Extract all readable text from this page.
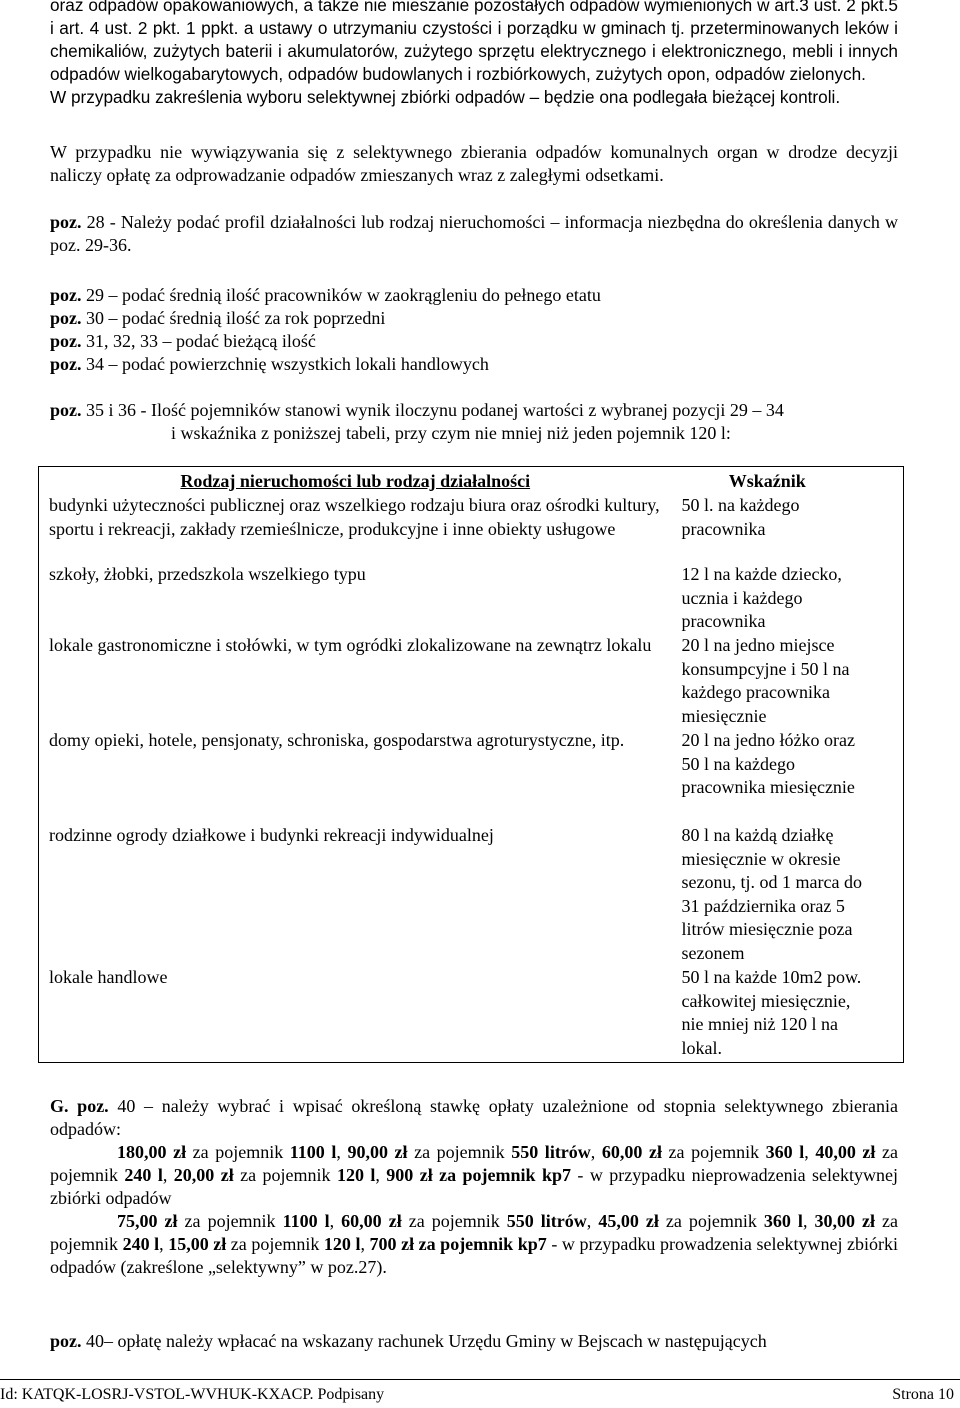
oraz odpadów opakowaniowych, a także nie mieszanie pozostałych odpadów wymienionych w art.3 ust. 2 pkt.5 i art. 4 ust. 2 pkt. 1 ppkt. a ustawy o utrzymaniu czystości i porządku w gminach tj. przeterminowanych leków i chemikaliów, zużytych baterii i akumulatorów, zużytego sprzętu elektrycznego i elektronicznego, mebli i innych odpadów wielkogabarytowych, odpadów budowlanych i rozbiórkowych, zużytych opon, odpadów zielonych.

W przypadku zakreślenia wyboru selektywnej zbiórki odpadów – będzie ona podlegała bieżącej kontroli.

W przypadku nie wywiązywania się z selektywnego zbierania odpadów komunalnych organ w drodze decyzji naliczy opłatę za odprowadzanie odpadów zmieszanych wraz z zaległymi odsetkami.

poz. 28 - Należy podać profil działalności lub rodzaj nieruchomości – informacja niezbędna do określenia danych w poz. 29-36.

poz. 29 – podać średnią ilość pracowników w zaokrągleniu do pełnego etatu

poz. 30 – podać średnią ilość za rok poprzedni

poz. 31, 32, 33 – podać bieżącą ilość

poz. 34 – podać powierzchnię wszystkich lokali handlowych

poz. 35 i 36 - Ilość pojemników stanowi wynik iloczynu podanej wartości z wybranej pozycji 29 – 34

i wskaźnika z poniższej tabeli, przy czym nie mniej niż jeden pojemnik 120 l:

Rodzaj nieruchomości lub rodzaj działalności	Wskaźnik
budynki użyteczności publicznej oraz wszelkiego rodzaju biura oraz ośrodki kultury, sportu i rekreacji, zakłady rzemieślnicze, produkcyjne i inne obiekty usługowe	50 l. na każdego pracownika
szkoły, żłobki, przedszkola wszelkiego typu	12 l na każde dziecko, ucznia i każdego pracownika
lokale gastronomiczne i stołówki, w tym ogródki zlokalizowane na zewnątrz lokalu	20 l na jedno miejsce konsumpcyjne i 50 l na każdego pracownika miesięcznie
domy opieki, hotele, pensjonaty, schroniska, gospodarstwa agroturystyczne, itp.	20 l na jedno łóżko oraz 50 l na każdego pracownika miesięcznie
rodzinne ogrody działkowe i budynki rekreacji indywidualnej	80 l na każdą działkę miesięcznie w okresie sezonu, tj. od 1 marca do 31 października oraz 5 litrów miesięcznie poza sezonem
lokale handlowe	50 l na każde 10m2 pow. całkowitej miesięcznie, nie mniej niż 120 l na lokal.

G. poz. 40 – należy wybrać i wpisać określoną stawkę opłaty uzależnione od stopnia selektywnego zbierania odpadów:

180,00 zł za pojemnik 1100 l, 90,00 zł za pojemnik 550 litrów, 60,00 zł za pojemnik 360 l, 40,00 zł za pojemnik 240 l, 20,00 zł za pojemnik 120 l, 900 zł za pojemnik kp7 - w przypadku nieprowadzenia selektywnej zbiórki odpadów

75,00 zł za pojemnik 1100 l, 60,00 zł za pojemnik 550 litrów, 45,00 zł za pojemnik 360 l, 30,00 zł za pojemnik 240 l, 15,00 zł za pojemnik 120 l, 700 zł za pojemnik kp7 - w przypadku prowadzenia selektywnej zbiórki odpadów (zakreślone „selektywny” w poz.27).

poz. 40– opłatę należy wpłacać na wskazany rachunek Urzędu Gminy w Bejscach w następujących

Id: KATQK-LOSRJ-VSTOL-WVHUK-KXACP. Podpisany	Strona 10
